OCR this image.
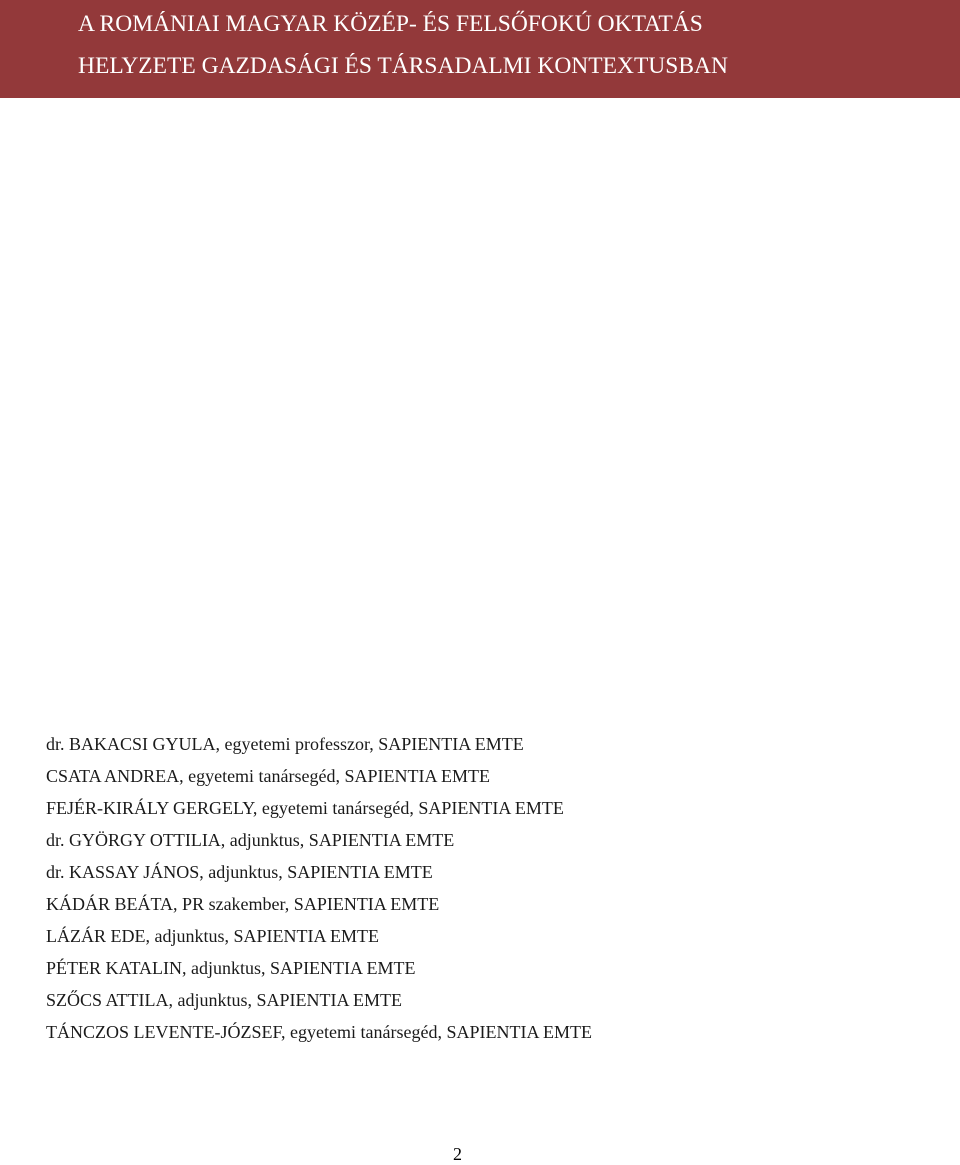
A ROMÁNIAI MAGYAR KÖZÉP- ÉS FELSŐFOKÚ OKTATÁS

HELYZETE GAZDASÁGI ÉS TÁRSADALMI KONTEXTUSBAN

dr. BAKACSI GYULA, egyetemi professzor, SAPIENTIA EMTE
CSATA ANDREA, egyetemi tanársegéd, SAPIENTIA EMTE
FEJÉR-KIRÁLY GERGELY, egyetemi tanársegéd, SAPIENTIA EMTE
dr. GYÖRGY OTTILIA, adjunktus, SAPIENTIA EMTE
dr. KASSAY JÁNOS, adjunktus, SAPIENTIA EMTE
KÁDÁR BEÁTA, PR szakember, SAPIENTIA EMTE
LÁZÁR EDE, adjunktus, SAPIENTIA EMTE
PÉTER KATALIN, adjunktus, SAPIENTIA EMTE
SZŐCS ATTILA, adjunktus, SAPIENTIA EMTE
TÁNCZOS LEVENTE-JÓZSEF, egyetemi tanársegéd, SAPIENTIA EMTE
2
